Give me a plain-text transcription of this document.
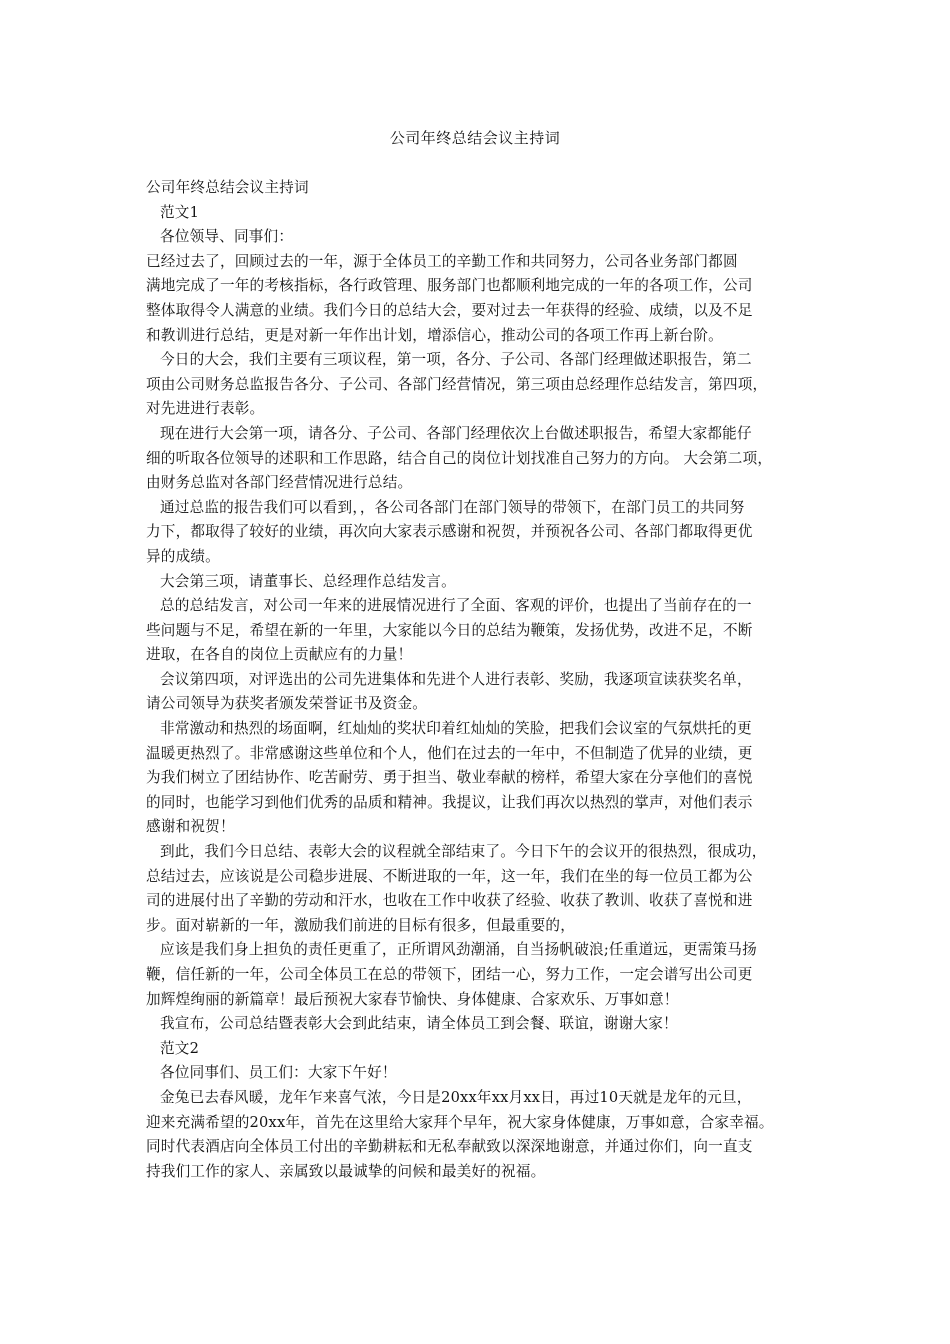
公司年终总结会议主持词
公司年终总结会议主持词
范文1
各位领导、同事们：
已经过去了，回顾过去的一年，源于全体员工的辛勤工作和共同努力，公司各业务部门都圆
满地完成了一年的考核指标，各行政管理、服务部门也都顺利地完成的一年的各项工作，公司
整体取得令人满意的业绩。我们今日的总结大会，要对过去一年获得的经验、成绩，以及不足
和教训进行总结，更是对新一年作出计划，增添信心，推动公司的各项工作再上新台阶。
今日的大会，我们主要有三项议程，第一项，各分、子公司、各部门经理做述职报告，第二
项由公司财务总监报告各分、子公司、各部门经营情况，第三项由总经理作总结发言，第四项，
对先进进行表彰。
现在进行大会第一项，请各分、子公司、各部门经理依次上台做述职报告，希望大家都能仔
细的听取各位领导的述职和工作思路，结合自己的岗位计划找准自己努力的方向。 大会第二项，
由财务总监对各部门经营情况进行总结。
通过总监的报告我们可以看到，，各公司各部门在部门领导的带领下，在部门员工的共同努
力下，都取得了较好的业绩，再次向大家表示感谢和祝贺，并预祝各公司、各部门都取得更优
异的成绩。
大会第三项，请董事长、总经理作总结发言。
总的总结发言，对公司一年来的进展情况进行了全面、客观的评价，也提出了当前存在的一
些问题与不足，希望在新的一年里，大家能以今日的总结为鞭策，发扬优势，改进不足，不断
进取，在各自的岗位上贡献应有的力量！
会议第四项，对评选出的公司先进集体和先进个人进行表彰、奖励，我逐项宣读获奖名单，
请公司领导为获奖者颁发荣誉证书及资金。
非常激动和热烈的场面啊，红灿灿的奖状印着红灿灿的笑脸，把我们会议室的气氛烘托的更
温暖更热烈了。非常感谢这些单位和个人，他们在过去的一年中，不但制造了优异的业绩，更
为我们树立了团结协作、吃苦耐劳、勇于担当、敬业奉献的榜样，希望大家在分享他们的喜悦
的同时，也能学习到他们优秀的品质和精神。我提议，让我们再次以热烈的掌声，对他们表示
感谢和祝贺！
到此，我们今日总结、表彰大会的议程就全部结束了。今日下午的会议开的很热烈，很成功，
总结过去，应该说是公司稳步进展、不断进取的一年，这一年，我们在坐的每一位员工都为公
司的进展付出了辛勤的劳动和汗水，也收在工作中收获了经验、收获了教训、收获了喜悦和进
步。面对崭新的一年，激励我们前进的目标有很多，但最重要的，
应该是我们身上担负的责任更重了，正所谓风劲潮涌，自当扬帆破浪;任重道远，更需策马扬
鞭，信任新的一年，公司全体员工在总的带领下，团结一心，努力工作，一定会谱写出公司更
加辉煌绚丽的新篇章！最后预祝大家春节愉快、身体健康、合家欢乐、万事如意！
我宣布，公司总结暨表彰大会到此结束，请全体员工到会餐、联谊，谢谢大家！
范文2
各位同事们、员工们：大家下午好！
金兔已去春风暖，龙年乍来喜气浓，今日是20xx年xx月xx日，再过10天就是龙年的元旦，
迎来充满希望的20xx年，首先在这里给大家拜个早年，祝大家身体健康，万事如意，合家幸福。
同时代表酒店向全体员工付出的辛勤耕耘和无私奉献致以深深地谢意，并通过你们，向一直支
持我们工作的家人、亲属致以最诚挚的问候和最美好的祝福。
